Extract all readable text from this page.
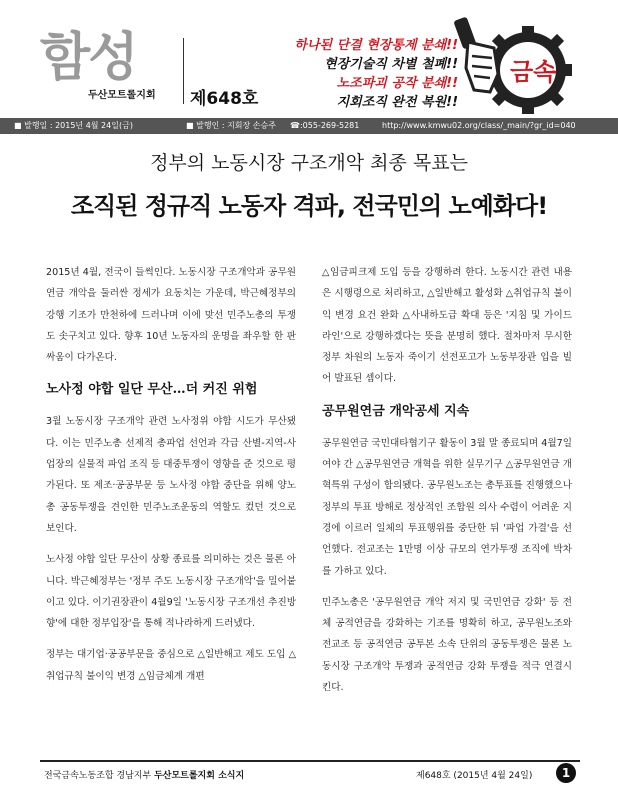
함성
두산모트롤지회 제648호
하나된 단결 현장통제 분쇄!!
현장기술직 차별 철폐!!
노조파괴 공작 분쇄!!
지회조직 완전 복원!!
금속
■ 발행일 : 2015년 4월 24일(금)	■ 발행인 : 지회장 손승주 ☎:055-269-5281	http://www.kmwu02.org/class/_main/?gr_id=040
정부의 노동시장 구조개악 최종 목표는
조직된 정규직 노동자 격파, 전국민의 노예화다!

2015년 4월, 전국이 들썩인다. 노동시장 구조개악과 공무원연금 개악을 둘러싼 정세가 요동치는 가운데, 박근혜정부의 강행 기조가 만천하에 드러나며 이에 맞선 민주노총의 투쟁도 솟구치고 있다. 향후 10년 노동자의 운명을 좌우할 한 판 싸움이 다가온다.

노사정 야합 일단 무산…더 커진 위험

3월 노동시장 구조개악 관련 노사정위 야합 시도가 무산됐다. 이는 민주노총 선제적 총파업 선언과 각급 산별-지역-사업장의 실물적 파업 조직 등 대중투쟁이 영향을 준 것으로 평가된다. 또 제조·공공부문 등 노사정 야합 중단을 위해 양노총 공동투쟁을 견인한 민주노조운동의 역할도 컸던 것으로 보인다.

노사정 야합 일단 무산이 상황 종료를 의미하는 것은 물론 아니다. 박근혜정부는 '정부 주도 노동시장 구조개악'을 밀어붙이고 있다. 이기권장관이 4월9일 '노동시장 구조개선 추진방향'에 대한 정부입장'을 통해 적나라하게 드러냈다.

정부는 대기업·공공부문을 중심으로 △일반해고 제도 도입 △취업규칙 불이익 변경 △임금체계 개편

△임금피크제 도입 등을 강행하려 한다. 노동시간 관련 내용은 시행령으로 처리하고, △일반해고 활성화 △취업규칙 불이익 변경 요건 완화 △사내하도급 확대 등은 '지침 및 가이드라인'으로 강행하겠다는 뜻을 분명히 했다. 절차마저 무시한 정부 차원의 노동자 죽이기 선전포고가 노동부장관 입을 빌어 발표된 셈이다.

공무원연금 개악공세 지속

공무원연금 국민대타협기구 활동이 3월 말 종료되며 4월7일 여야 간 △공무원연금 개혁을 위한 실무기구 △공무원연금 개혁특위 구성이 합의됐다. 공무원노조는 총투표를 진행했으나 정부의 투표 방해로 정상적인 조합원 의사 수렴이 어려운 지경에 이르러 일체의 투표행위를 중단한 뒤 '파업 가결'을 선언했다. 전교조는 1만명 이상 규모의 연가투쟁 조직에 박차를 가하고 있다.

민주노총은 '공무원연금 개악 저지 및 국민연금 강화' 등 전체 공적연금을 강화하는 기조를 명확히 하고, 공무원노조와 전교조 등 공적연금 공투본 소속 단위의 공동투쟁은 물론 노동시장 구조개악 투쟁과 공적연금 강화 투쟁을 적극 연결시킨다.

전국금속노동조합 경남지부 두산모트롤지회 소식지	제648호 (2015년 4월 24일)	1
